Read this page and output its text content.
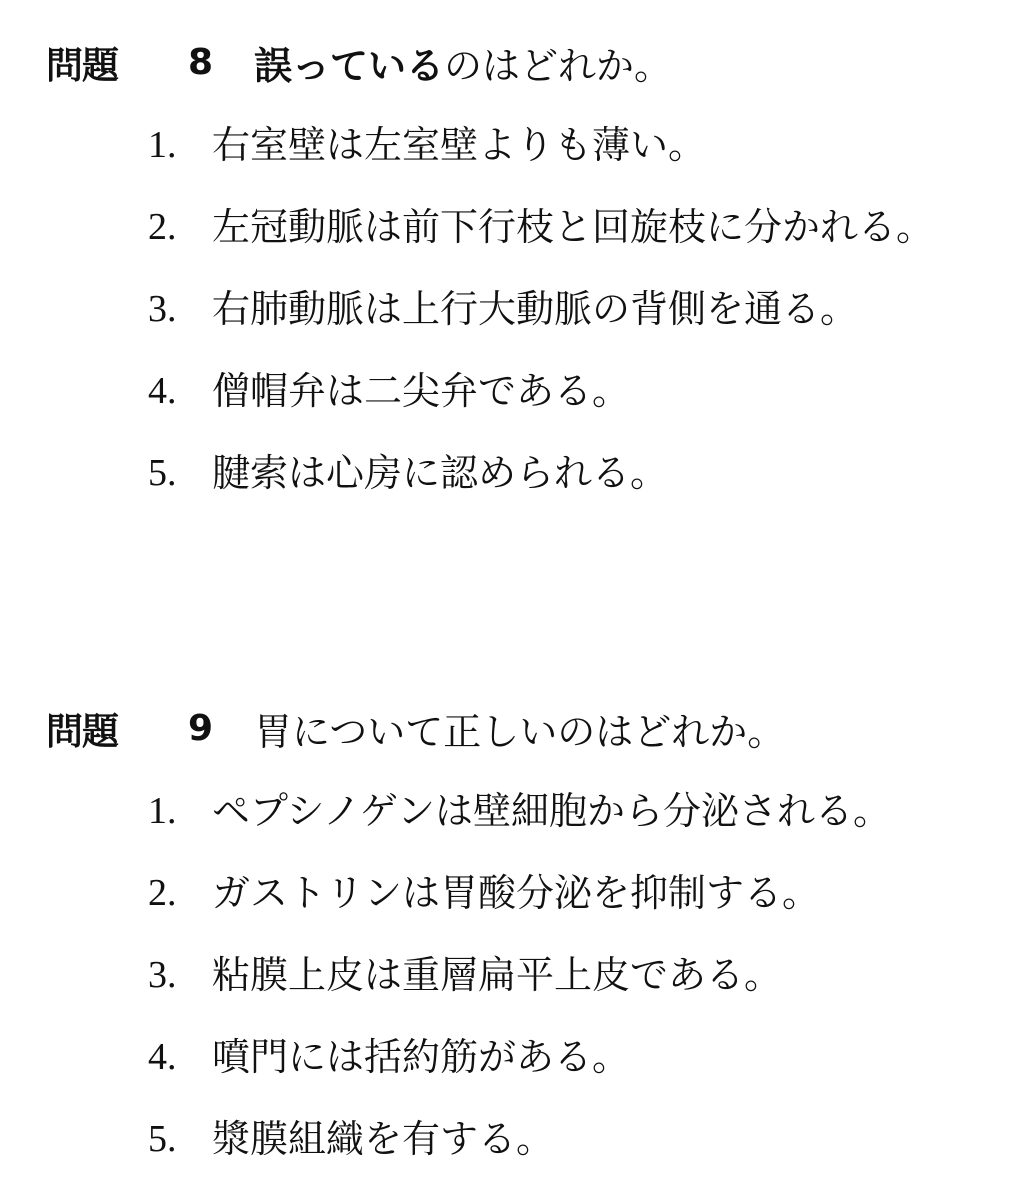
問題 8 誤っているのはどれか。
1. 右室壁は左室壁よりも薄い。
2. 左冠動脈は前下行枝と回旋枝に分かれる。
3. 右肺動脈は上行大動脈の背側を通る。
4. 僧帽弁は二尖弁である。
5. 腱索は心房に認められる。
問題 9 胃について正しいのはどれか。
1. ペプシノゲンは壁細胞から分泌される。
2. ガストリンは胃酸分泌を抑制する。
3. 粘膜上皮は重層扁平上皮である。
4. 噴門には括約筋がある。
5. 漿膜組織を有する。
